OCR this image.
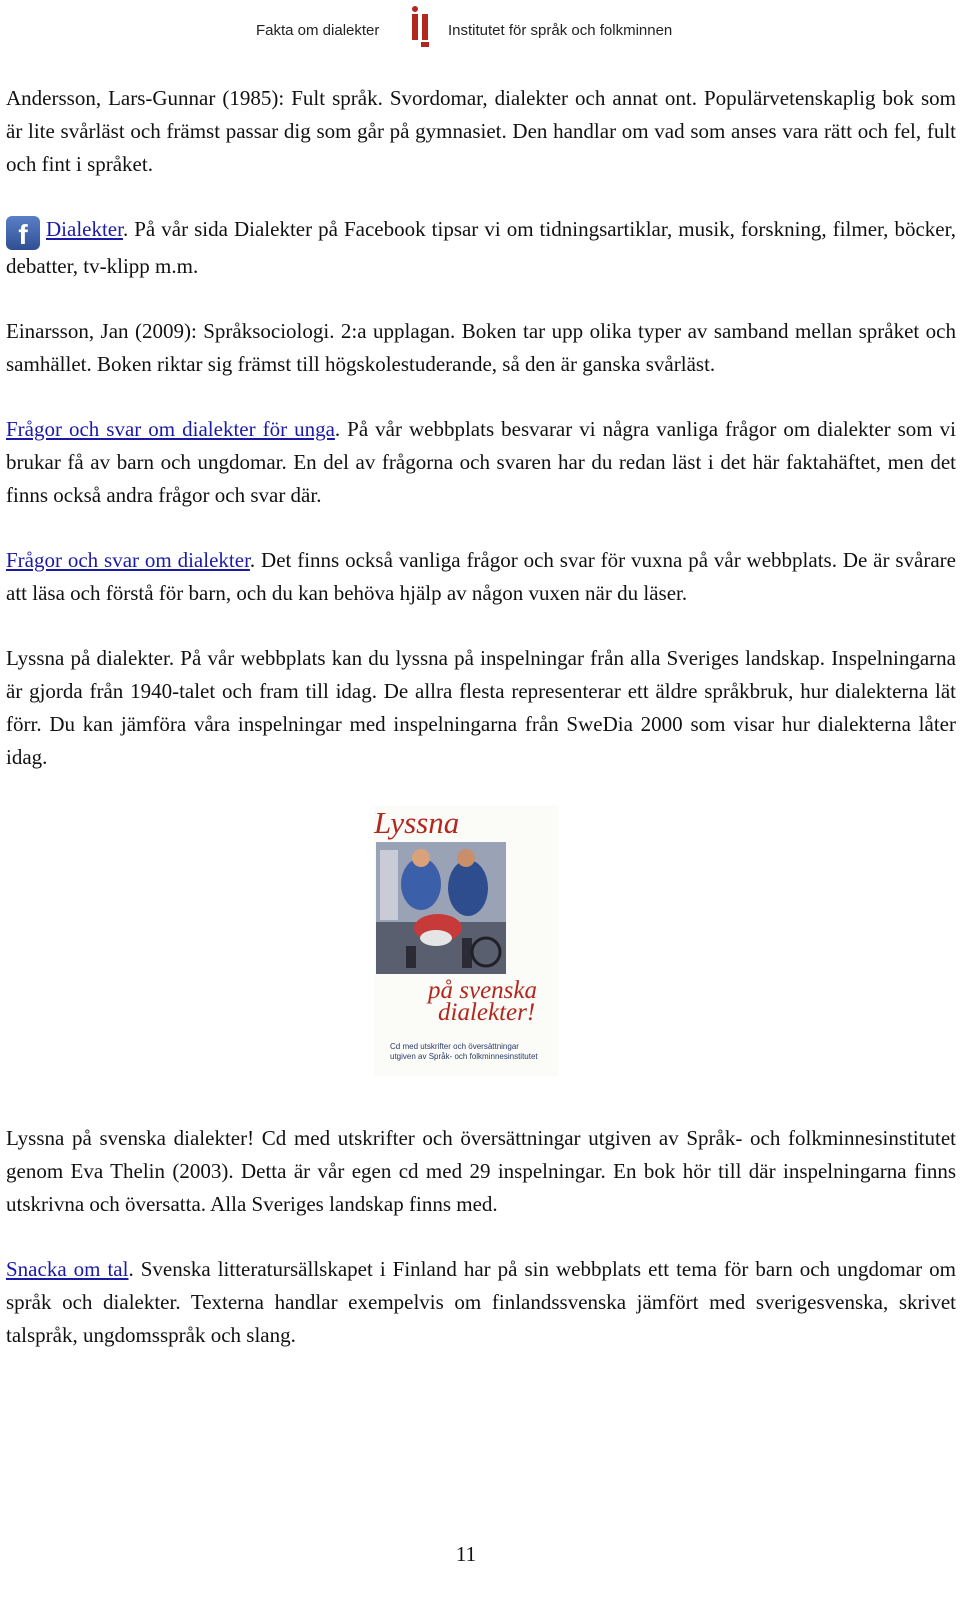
Fakta om dialekter	Institutet för språk och folkminnen

Andersson, Lars-Gunnar (1985): Fult språk. Svordomar, dialekter och annat ont. Populärvetenskaplig bok som är lite svårläst och främst passar dig som går på gymnasiet. Den handlar om vad som anses vara rätt och fel, fult och fint i språket.

f Dialekter. På vår sida Dialekter på Facebook tipsar vi om tidningsartiklar, musik, forskning, filmer, böcker, debatter, tv-klipp m.m.

Einarsson, Jan (2009): Språksociologi. 2:a upplagan. Boken tar upp olika typer av samband mellan språket och samhället. Boken riktar sig främst till högskolestuderande, så den är ganska svårläst.

Frågor och svar om dialekter för unga. På vår webbplats besvarar vi några vanliga frågor om dialekter som vi brukar få av barn och ungdomar. En del av frågorna och svaren har du redan läst i det här faktahäftet, men det finns också andra frågor och svar där.

Frågor och svar om dialekter. Det finns också vanliga frågor och svar för vuxna på vår webbplats. De är svårare att läsa och förstå för barn, och du kan behöva hjälp av någon vuxen när du läser.

Lyssna på dialekter. På vår webbplats kan du lyssna på inspelningar från alla Sveriges landskap. Inspelningarna är gjorda från 1940-talet och fram till idag. De allra flesta representerar ett äldre språkbruk, hur dialekterna lät förr. Du kan jämföra våra inspelningar med inspelningarna från SweDia 2000 som visar hur dialekterna låter idag.

Lyssna
på svenska
dialekter!
Cd med utskrifter och översättningar
utgiven av Språk- och folkminnesinstitutet

Lyssna på svenska dialekter! Cd med utskrifter och översättningar utgiven av Språk- och folkminnesinstitutet genom Eva Thelin (2003). Detta är vår egen cd med 29 inspelningar. En bok hör till där inspelningarna finns utskrivna och översatta. Alla Sveriges landskap finns med.

Snacka om tal. Svenska litteratursällskapet i Finland har på sin webbplats ett tema för barn och ungdomar om språk och dialekter. Texterna handlar exempelvis om finlandssvenska jämfört med sverigesvenska, skrivet talspråk, ungdomsspråk och slang.

11
